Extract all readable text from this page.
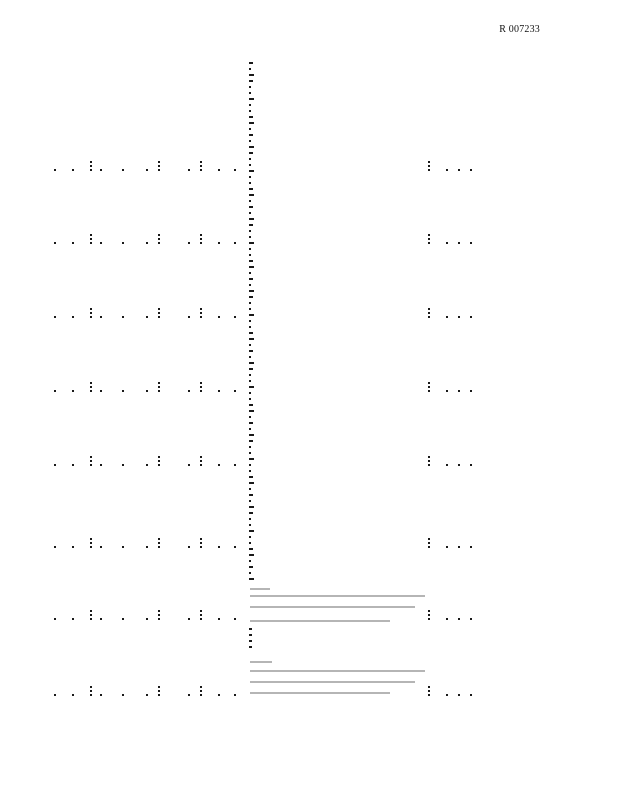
R 007233
